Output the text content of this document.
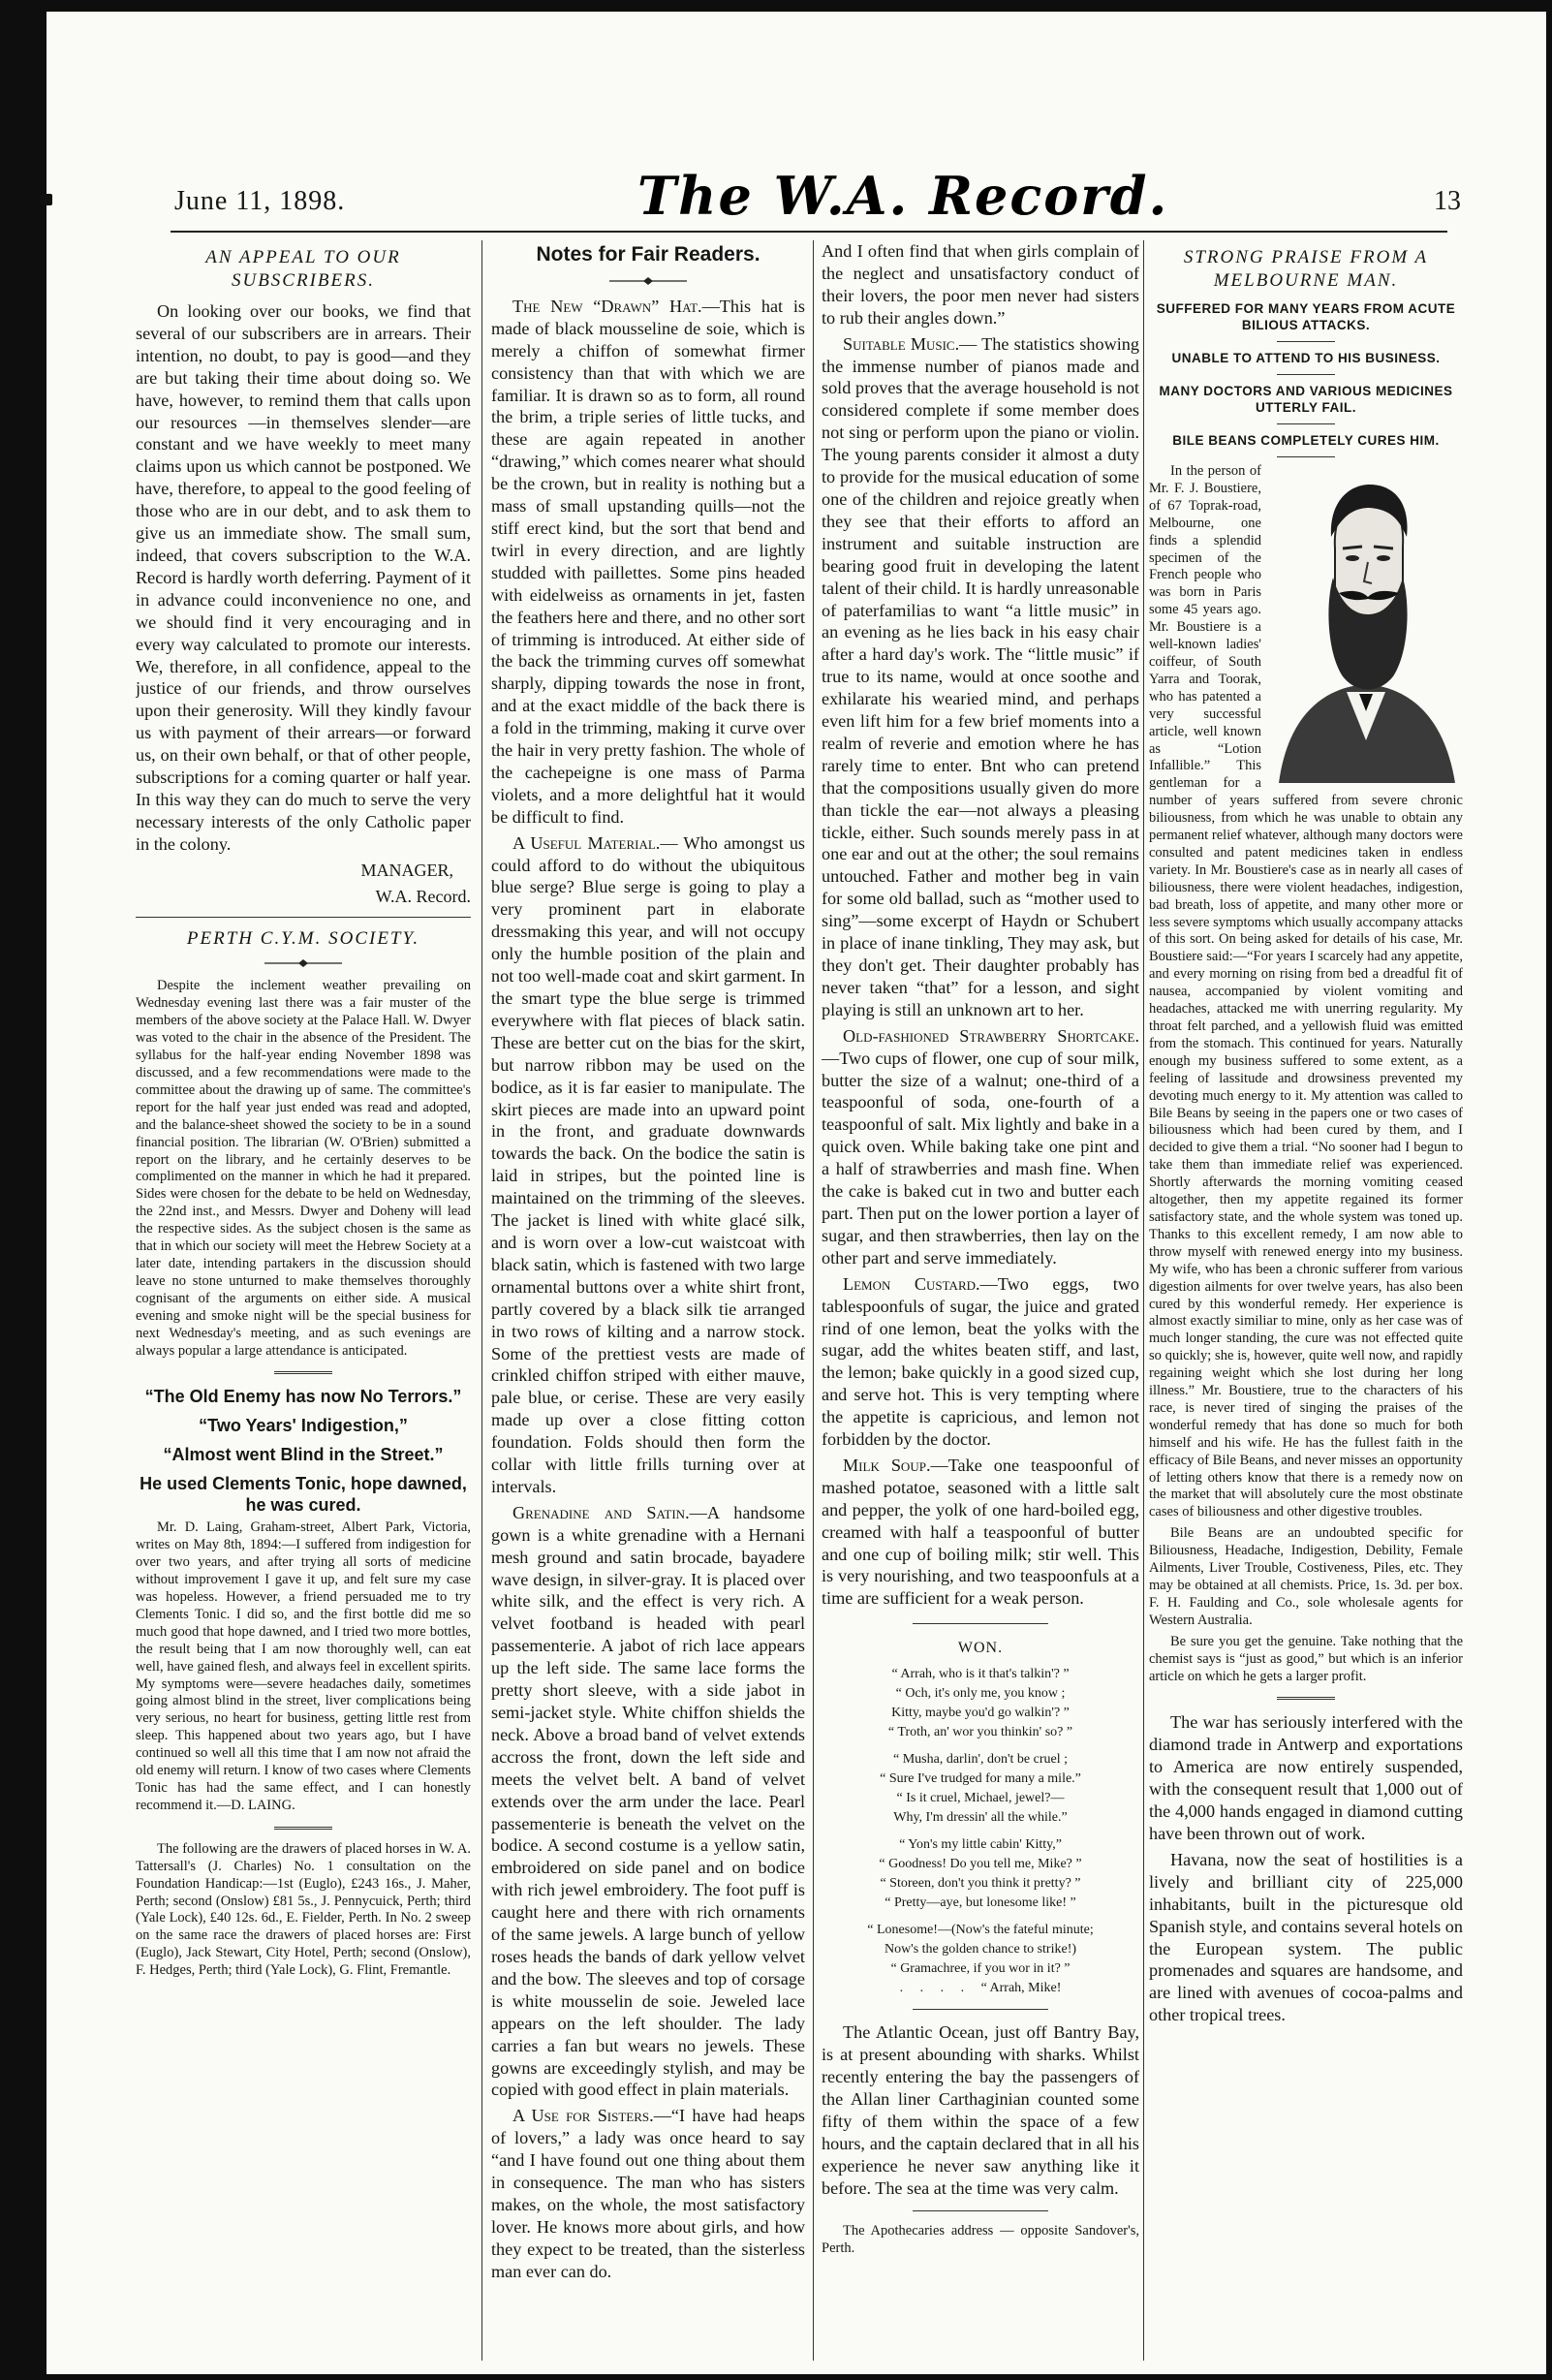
June 11, 1898.	The W.A. Record.	13
AN APPEAL TO OUR SUBSCRIBERS.

On looking over our books, we find that several of our subscribers are in arrears. Their intention, no doubt, to pay is good—and they are but taking their time about doing so. We have, however, to remind them that calls upon our resources —in themselves slender—are constant and we have weekly to meet many claims upon us which cannot be postponed. We have, therefore, to appeal to the good feeling of those who are in our debt, and to ask them to give us an immediate show. The small sum, indeed, that covers subscription to the W.A. Record is hardly worth deferring. Payment of it in advance could inconvenience no one, and we should find it very encouraging and in every way calculated to promote our interests. We, therefore, in all confidence, appeal to the justice of our friends, and throw ourselves upon their generosity. Will they kindly favour us with payment of their arrears—or forward us, on their own behalf, or that of other people, subscriptions for a coming quarter or half year. In this way they can do much to serve the very necessary interests of the only Catholic paper in the colony.

MANAGER,
W.A. Record.
PERTH C.Y.M. SOCIETY.

Despite the inclement weather prevailing on Wednesday evening last there was a fair muster of the members of the above society at the Palace Hall. W. Dwyer was voted to the chair in the absence of the President. The syllabus for the half-year ending November 1898 was discussed, and a few recommendations were made to the committee about the drawing up of same. The committee's report for the half year just ended was read and adopted, and the balance-sheet showed the society to be in a sound financial position. The librarian (W. O'Brien) submitted a report on the library, and he certainly deserves to be complimented on the manner in which he had it prepared. Sides were chosen for the debate to be held on Wednesday, the 22nd inst., and Messrs. Dwyer and Doheny will lead the respective sides. As the subject chosen is the same as that in which our society will meet the Hebrew Society at a later date, intending partakers in the discussion should leave no stone unturned to make themselves thoroughly cognisant of the arguments on either side. A musical evening and smoke night will be the special business for next Wednesday's meeting, and as such evenings are always popular a large attendance is anticipated.

“The Old Enemy has now No Terrors.”
“Two Years' Indigestion,”
“Almost went Blind in the Street.”
He used Clements Tonic, hope dawned, he was cured.

Mr. D. Laing, Graham-street, Albert Park, Victoria, writes on May 8th, 1894:—I suffered from indigestion for over two years, and after trying all sorts of medicine without improvement I gave it up, and felt sure my case was hopeless. However, a friend persuaded me to try Clements Tonic. I did so, and the first bottle did me so much good that hope dawned, and I tried two more bottles, the result being that I am now thoroughly well, can eat well, have gained flesh, and always feel in excellent spirits. My symptoms were—severe headaches daily, sometimes going almost blind in the street, liver complications being very serious, no heart for business, getting little rest from sleep. This happened about two years ago, but I have continued so well all this time that I am now not afraid the old enemy will return. I know of two cases where Clements Tonic has had the same effect, and I can honestly recommend it.—D. LAING.

The following are the drawers of placed horses in W. A. Tattersall's (J. Charles) No. 1 consultation on the Foundation Handicap:—1st (Euglo), £243 16s., J. Maher, Perth; second (Onslow) £81 5s., J. Pennycuick, Perth; third (Yale Lock), £40 12s. 6d., E. Fielder, Perth. In No. 2 sweep on the same race the drawers of placed horses are: First (Euglo), Jack Stewart, City Hotel, Perth; second (Onslow), F. Hedges, Perth; third (Yale Lock), G. Flint, Fremantle.

Notes for Fair Readers.

The New “Drawn” Hat.—This hat is made of black mousseline de soie, which is merely a chiffon of somewhat firmer consistency than that with which we are familiar. It is drawn so as to form, all round the brim, a triple series of little tucks, and these are again repeated in another “drawing,” which comes nearer what should be the crown, but in reality is nothing but a mass of small upstanding quills—not the stiff erect kind, but the sort that bend and twirl in every direction, and are lightly studded with paillettes. Some pins headed with eidelweiss as ornaments in jet, fasten the feathers here and there, and no other sort of trimming is introduced. At either side of the back the trimming curves off somewhat sharply, dipping towards the nose in front, and at the exact middle of the back there is a fold in the trimming, making it curve over the hair in very pretty fashion. The whole of the cachepeigne is one mass of Parma violets, and a more delightful hat it would be difficult to find.

A Useful Material.— Who amongst us could afford to do without the ubiquitous blue serge? Blue serge is going to play a very prominent part in elaborate dressmaking this year, and will not occupy only the humble position of the plain and not too well-made coat and skirt garment. In the smart type the blue serge is trimmed everywhere with flat pieces of black satin. These are better cut on the bias for the skirt, but narrow ribbon may be used on the bodice, as it is far easier to manipulate. The skirt pieces are made into an upward point in the front, and graduate downwards towards the back. On the bodice the satin is laid in stripes, but the pointed line is maintained on the trimming of the sleeves. The jacket is lined with white glacé silk, and is worn over a low-cut waistcoat with black satin, which is fastened with two large ornamental buttons over a white shirt front, partly covered by a black silk tie arranged in two rows of kilting and a narrow stock. Some of the prettiest vests are made of crinkled chiffon striped with either mauve, pale blue, or cerise. These are very easily made up over a close fitting cotton foundation. Folds should then form the collar with little frills turning over at intervals.

Grenadine and Satin.—A handsome gown is a white grenadine with a Hernani mesh ground and satin brocade, bayadere wave design, in silver-gray. It is placed over white silk, and the effect is very rich. A velvet footband is headed with pearl passementerie. A jabot of rich lace appears up the left side. The same lace forms the pretty short sleeve, with a side jabot in semi-jacket style. White chiffon shields the neck. Above a broad band of velvet extends accross the front, down the left side and meets the velvet belt. A band of velvet extends over the arm under the lace. Pearl passementerie is beneath the velvet on the bodice. A second costume is a yellow satin, embroidered on side panel and on bodice with rich jewel embroidery. The foot puff is caught here and there with rich ornaments of the same jewels. A large bunch of yellow roses heads the bands of dark yellow velvet and the bow. The sleeves and top of corsage is white mousselin de soie. Jeweled lace appears on the left shoulder. The lady carries a fan but wears no jewels. These gowns are exceedingly stylish, and may be copied with good effect in plain materials.

A Use for Sisters.—“I have had heaps of lovers,” a lady was once heard to say “and I have found out one thing about them in consequence. The man who has sisters makes, on the whole, the most satisfactory lover. He knows more about girls, and how they expect to be treated, than the sisterless man ever can do.

And I often find that when girls complain of the neglect and unsatisfactory conduct of their lovers, the poor men never had sisters to rub their angles down.”

Suitable Music.— The statistics showing the immense number of pianos made and sold proves that the average household is not considered complete if some member does not sing or perform upon the piano or violin. The young parents consider it almost a duty to provide for the musical education of some one of the children and rejoice greatly when they see that their efforts to afford an instrument and suitable instruction are bearing good fruit in developing the latent talent of their child. It is hardly unreasonable of paterfamilias to want “a little music” in an evening as he lies back in his easy chair after a hard day's work. The “little music” if true to its name, would at once soothe and exhilarate his wearied mind, and perhaps even lift him for a few brief moments into a realm of reverie and emotion where he has rarely time to enter. Bnt who can pretend that the compositions usually given do more than tickle the ear—not always a pleasing tickle, either. Such sounds merely pass in at one ear and out at the other; the soul remains untouched. Father and mother beg in vain for some old ballad, such as “mother used to sing”—some excerpt of Haydn or Schubert in place of inane tinkling, They may ask, but they don't get. Their daughter probably has never taken “that” for a lesson, and sight playing is still an unknown art to her.

Old-fashioned Strawberry Shortcake.—Two cups of flower, one cup of sour milk, butter the size of a walnut; one-third of a teaspoonful of soda, one-fourth of a teaspoonful of salt. Mix lightly and bake in a quick oven. While baking take one pint and a half of strawberries and mash fine. When the cake is baked cut in two and butter each part. Then put on the lower portion a layer of sugar, and then strawberries, then lay on the other part and serve immediately.

Lemon Custard.—Two eggs, two tablespoonfuls of sugar, the juice and grated rind of one lemon, beat the yolks with the sugar, add the whites beaten stiff, and last, the lemon; bake quickly in a good sized cup, and serve hot. This is very tempting where the appetite is capricious, and lemon not forbidden by the doctor.

Milk Soup.—Take one teaspoonful of mashed potatoe, seasoned with a little salt and pepper, the yolk of one hard-boiled egg, creamed with half a teaspoonful of butter and one cup of boiling milk; stir well. This is very nourishing, and two teaspoonfuls at a time are sufficient for a weak person.

WON.
“ Arrah, who is it that's talkin'? ”
“ Och, it's only me, you know ;
Kitty, maybe you'd go walkin'? ”
“ Troth, an' wor you thinkin' so? ”

“ Musha, darlin', don't be cruel ;
“ Sure I've trudged for many a mile.”
“ Is it cruel, Michael, jewel?—
Why, I'm dressin' all the while.”

“ Yon's my little cabin' Kitty,”
“ Goodness! Do you tell me, Mike? ”
“ Storeen, don't you think it pretty? ”
“ Pretty—aye, but lonesome like! ”

“ Lonesome!—(Now's the fateful minute;
Now's the golden chance to strike!)
“ Gramachree, if you wor in it? ”
.     .     .     .     “ Arrah, Mike!

The Atlantic Ocean, just off Bantry Bay, is at present abounding with sharks. Whilst recently entering the bay the passengers of the Allan liner Carthaginian counted some fifty of them within the space of a few hours, and the captain declared that in all his experience he never saw anything like it before. The sea at the time was very calm.

The Apothecaries address — opposite Sandover's, Perth.

STRONG PRAISE FROM A MELBOURNE MAN.
SUFFERED FOR MANY YEARS FROM ACUTE BILIOUS ATTACKS.
UNABLE TO ATTEND TO HIS BUSINESS.
MANY DOCTORS AND VARIOUS MEDICINES UTTERLY FAIL.
BILE BEANS COMPLETELY CURES HIM.

In the person of Mr. F. J. Boustiere, of 67 Toprak-road, Melbourne, one finds a splendid specimen of the French people who was born in Paris some 45 years ago. Mr. Boustiere is a well-known ladies' coiffeur, of South Yarra and Toorak, who has patented a very successful article, well known as “Lotion Infallible.” This gentleman for a number of years suffered from severe chronic biliousness, from which he was unable to obtain any permanent relief whatever, although many doctors were consulted and patent medicines taken in endless variety. In Mr. Boustiere's case as in nearly all cases of biliousness, there were violent headaches, indigestion, bad breath, loss of appetite, and many other more or less severe symptoms which usually accompany attacks of this sort. On being asked for details of his case, Mr. Boustiere said:—“For years I scarcely had any appetite, and every morning on rising from bed a dreadful fit of nausea, accompanied by violent vomiting and headaches, attacked me with unerring regularity. My throat felt parched, and a yellowish fluid was emitted from the stomach. This continued for years. Naturally enough my business suffered to some extent, as a feeling of lassitude and drowsiness prevented my devoting much energy to it. My attention was called to Bile Beans by seeing in the papers one or two cases of biliousness which had been cured by them, and I decided to give them a trial. “No sooner had I begun to take them than immediate relief was experienced. Shortly afterwards the morning vomiting ceased altogether, then my appetite regained its former satisfactory state, and the whole system was toned up. Thanks to this excellent remedy, I am now able to throw myself with renewed energy into my business. My wife, who has been a chronic sufferer from various digestion ailments for over twelve years, has also been cured by this wonderful remedy. Her experience is almost exactly similiar to mine, only as her case was of much longer standing, the cure was not effected quite so quickly; she is, however, quite well now, and rapidly regaining weight which she lost during her long illness.” Mr. Boustiere, true to the characters of his race, is never tired of singing the praises of the wonderful remedy that has done so much for both himself and his wife. He has the fullest faith in the efficacy of Bile Beans, and never misses an opportunity of letting others know that there is a remedy now on the market that will absolutely cure the most obstinate cases of biliousness and other digestive troubles.

Bile Beans are an undoubted specific for Biliousness, Headache, Indigestion, Debility, Female Ailments, Liver Trouble, Costiveness, Piles, etc. They may be obtained at all chemists. Price, 1s. 3d. per box. F. H. Faulding and Co., sole wholesale agents for Western Australia.

Be sure you get the genuine. Take nothing that the chemist says is “just as good,” but which is an inferior article on which he gets a larger profit.

The war has seriously interfered with the diamond trade in Antwerp and exportations to America are now entirely suspended, with the consequent result that 1,000 out of the 4,000 hands engaged in diamond cutting have been thrown out of work.

Havana, now the seat of hostilities is a lively and brilliant city of 225,000 inhabitants, built in the picturesque old Spanish style, and contains several hotels on the European system. The public promenades and squares are handsome, and are lined with avenues of cocoa-palms and other tropical trees.
